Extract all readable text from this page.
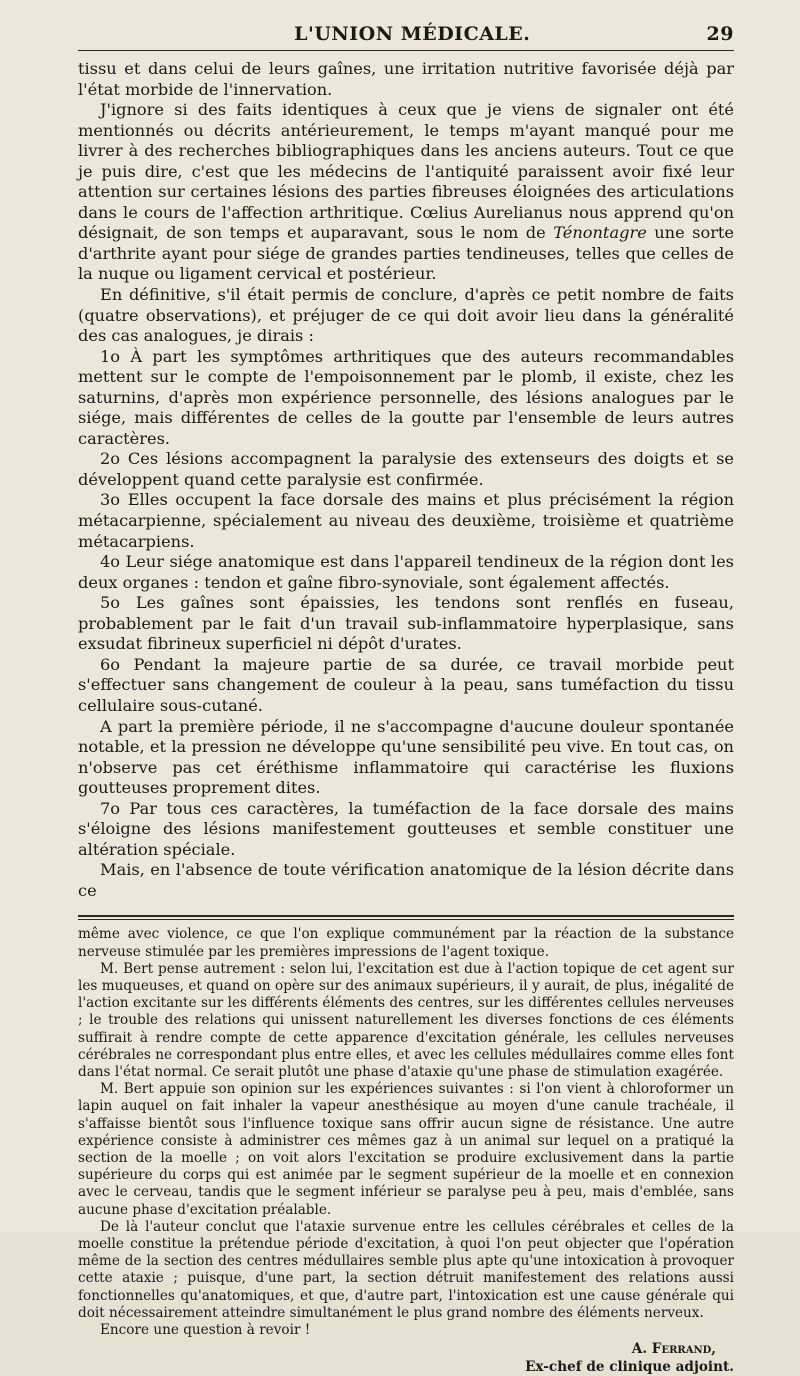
L'UNION MÉDICALE.	29

tissu et dans celui de leurs gaînes, une irritation nutritive favorisée déjà par l'état morbide de l'innervation.

J'ignore si des faits identiques à ceux que je viens de signaler ont été mentionnés ou décrits antérieurement, le temps m'ayant manqué pour me livrer à des recherches bibliographiques dans les anciens auteurs. Tout ce que je puis dire, c'est que les médecins de l'antiquité paraissent avoir fixé leur attention sur certaines lésions des parties fibreuses éloignées des articulations dans le cours de l'affection arthritique. Cœlius Aurelianus nous apprend qu'on désignait, de son temps et auparavant, sous le nom de Ténontagre une sorte d'arthrite ayant pour siége de grandes parties tendineuses, telles que celles de la nuque ou ligament cervical et postérieur.

En définitive, s'il était permis de conclure, d'après ce petit nombre de faits (quatre observations), et préjuger de ce qui doit avoir lieu dans la généralité des cas analogues, je dirais :

1o À part les symptômes arthritiques que des auteurs recommandables mettent sur le compte de l'empoisonnement par le plomb, il existe, chez les saturnins, d'après mon expérience personnelle, des lésions analogues par le siége, mais différentes de celles de la goutte par l'ensemble de leurs autres caractères.

2o Ces lésions accompagnent la paralysie des extenseurs des doigts et se développent quand cette paralysie est confirmée.

3o Elles occupent la face dorsale des mains et plus précisément la région métacarpienne, spécialement au niveau des deuxième, troisième et quatrième métacarpiens.

4o Leur siége anatomique est dans l'appareil tendineux de la région dont les deux organes : tendon et gaîne fibro-synoviale, sont également affectés.

5o Les gaînes sont épaissies, les tendons sont renflés en fuseau, probablement par le fait d'un travail sub-inflammatoire hyperplasique, sans exsudat fibrineux superficiel ni dépôt d'urates.

6o Pendant la majeure partie de sa durée, ce travail morbide peut s'effectuer sans changement de couleur à la peau, sans tuméfaction du tissu cellulaire sous-cutané.

A part la première période, il ne s'accompagne d'aucune douleur spontanée notable, et la pression ne développe qu'une sensibilité peu vive. En tout cas, on n'observe pas cet éréthisme inflammatoire qui caractérise les fluxions goutteuses proprement dites.

7o Par tous ces caractères, la tuméfaction de la face dorsale des mains s'éloigne des lésions manifestement goutteuses et semble constituer une altération spéciale.

Mais, en l'absence de toute vérification anatomique de la lésion décrite dans ce

même avec violence, ce que l'on explique communément par la réaction de la substance nerveuse stimulée par les premières impressions de l'agent toxique.

M. Bert pense autrement : selon lui, l'excitation est due à l'action topique de cet agent sur les muqueuses, et quand on opère sur des animaux supérieurs, il y aurait, de plus, inégalité de l'action excitante sur les différents éléments des centres, sur les différentes cellules nerveuses ; le trouble des relations qui unissent naturellement les diverses fonctions de ces éléments suffirait à rendre compte de cette apparence d'excitation générale, les cellules nerveuses cérébrales ne correspondant plus entre elles, et avec les cellules médullaires comme elles font dans l'état normal. Ce serait plutôt une phase d'ataxie qu'une phase de stimulation exagérée.

M. Bert appuie son opinion sur les expériences suivantes : si l'on vient à chloroformer un lapin auquel on fait inhaler la vapeur anesthésique au moyen d'une canule trachéale, il s'affaisse bientôt sous l'influence toxique sans offrir aucun signe de résistance. Une autre expérience consiste à administrer ces mêmes gaz à un animal sur lequel on a pratiqué la section de la moelle ; on voit alors l'excitation se produire exclusivement dans la partie supérieure du corps qui est animée par le segment supérieur de la moelle et en connexion avec le cerveau, tandis que le segment inférieur se paralyse peu à peu, mais d'emblée, sans aucune phase d'excitation préalable.

De là l'auteur conclut que l'ataxie survenue entre les cellules cérébrales et celles de la moelle constitue la prétendue période d'excitation, à quoi l'on peut objecter que l'opération même de la section des centres médullaires semble plus apte qu'une intoxication à provoquer cette ataxie ; puisque, d'une part, la section détruit manifestement des relations aussi fonctionnelles qu'anatomiques, et que, d'autre part, l'intoxication est une cause générale qui doit nécessairement atteindre simultanément le plus grand nombre des éléments nerveux.

Encore une question à revoir !

A. Ferrand,
Ex-chef de clinique adjoint.
